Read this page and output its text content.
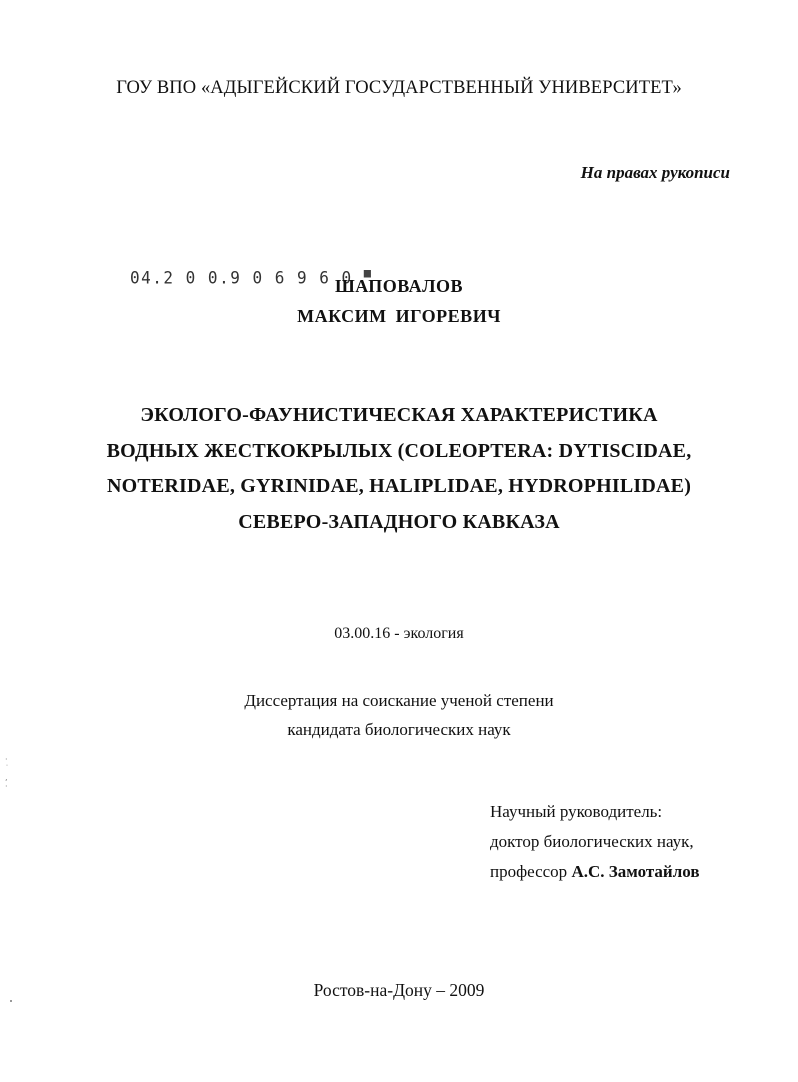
ГОУ ВПО «АДЫГЕЙСКИЙ ГОСУДАРСТВЕННЫЙ УНИВЕРСИТЕТ»
На правах рукописи
04.2 0 0.9 0 6 9 6 0 ■
ШАПОВАЛОВ
МАКСИМ ИГОРЕВИЧ
ЭКОЛОГО-ФАУНИСТИЧЕСКАЯ ХАРАКТЕРИСТИКА
ВОДНЫХ ЖЕСТКОКРЫЛЫХ (COLEOPTERA: DYTISCIDAE,
NOTERIDAE, GYRINIDAE, HALIPLIDAE, HYDROPHILIDAE)
СЕВЕРО-ЗАПАДНОГО КАВКАЗА
03.00.16 - экология
Диссертация на соискание ученой степени
кандидата биологических наук
Научный руководитель:
доктор биологических наук,
профессор А.С. Замотайлов
Ростов-на-Дону – 2009
·
˙
,
·
